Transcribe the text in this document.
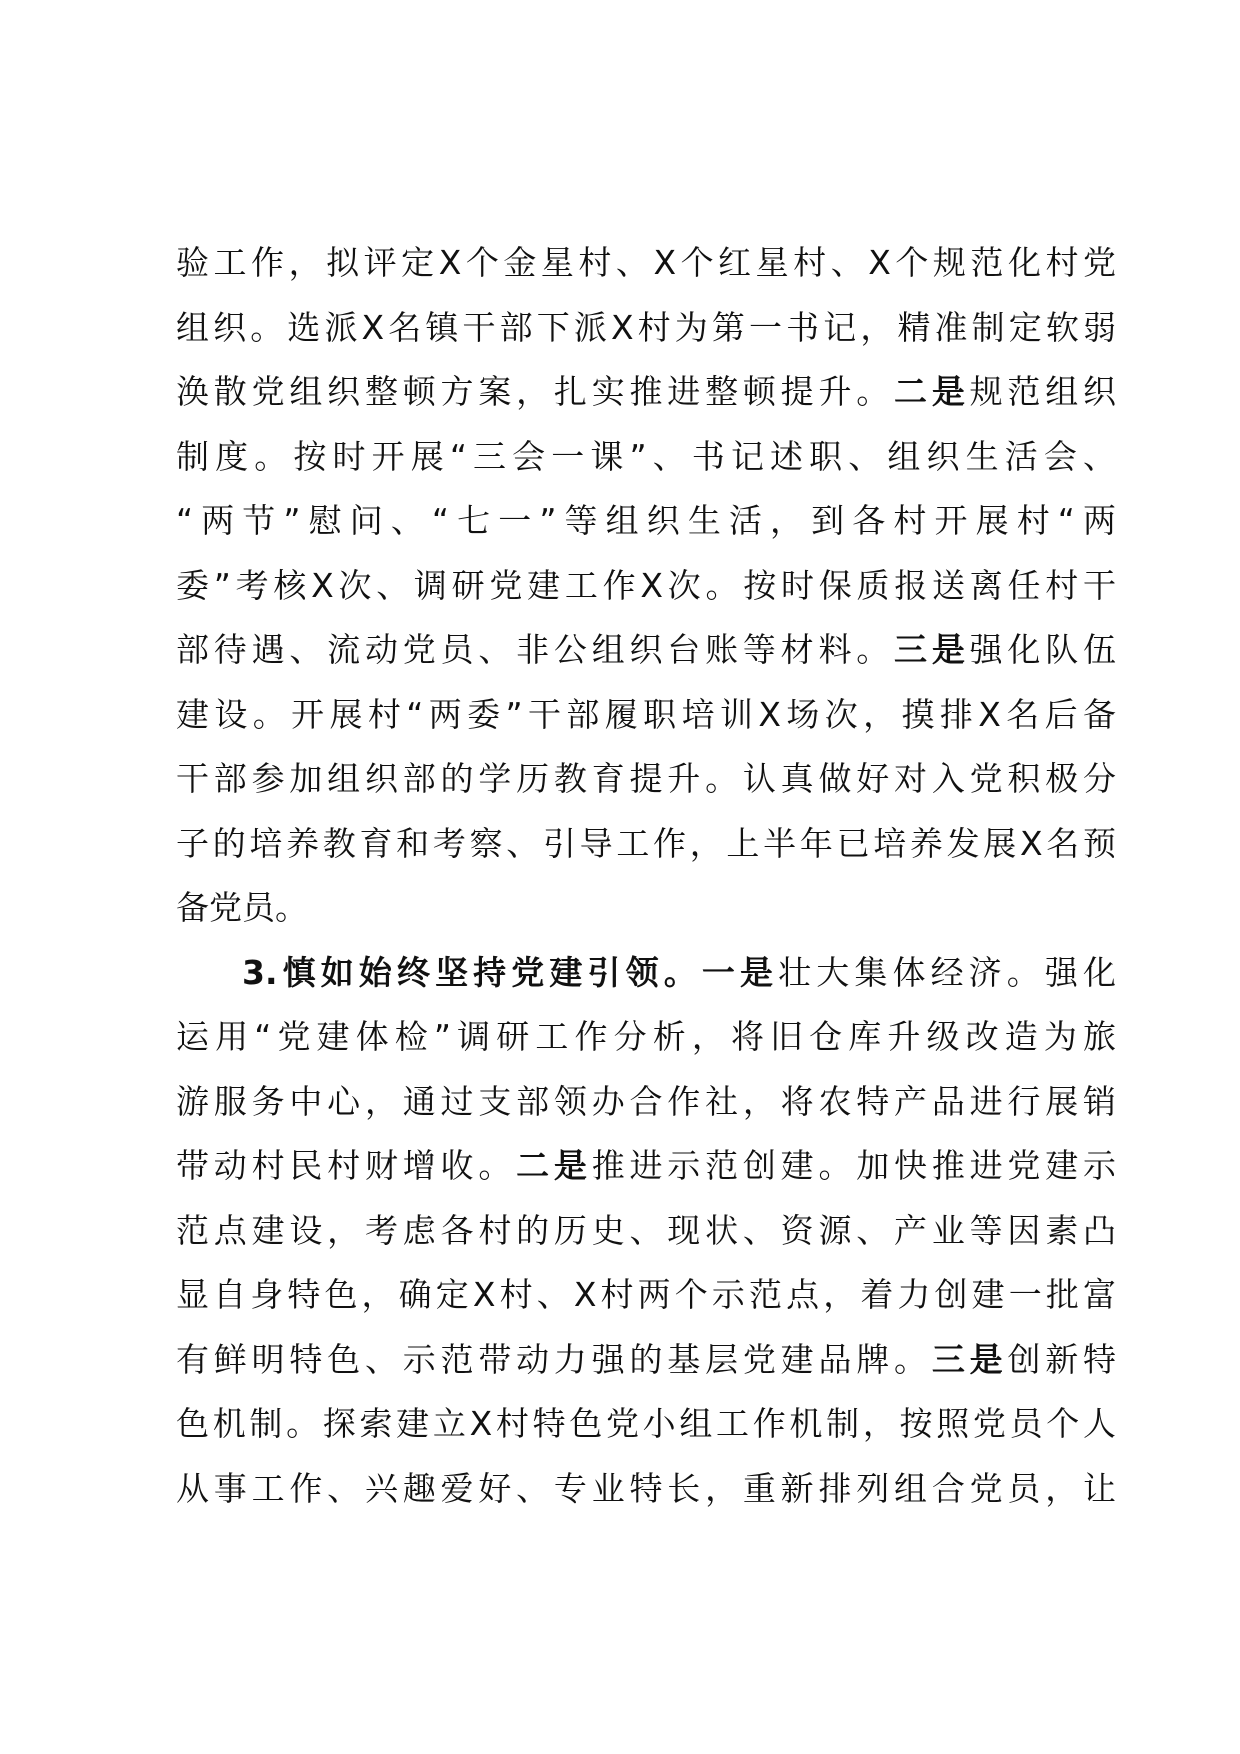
验工作，拟评定X个金星村、X个红星村、X个规范化村党
组织。选派X名镇干部下派X村为第一书记，精准制定软弱
涣散党组织整顿方案，扎实推进整顿提升。二是规范组织
制度。按时开展“三会一课”、书记述职、组织生活会、
“两节”慰问、“七一”等组织生活，到各村开展村“两
委”考核X次、调研党建工作X次。按时保质报送离任村干
部待遇、流动党员、非公组织台账等材料。三是强化队伍
建设。开展村“两委”干部履职培训X场次，摸排X名后备
干部参加组织部的学历教育提升。认真做好对入党积极分
子的培养教育和考察、引导工作，上半年已培养发展X名预
备党员。
3.慎如始终坚持党建引领。一是壮大集体经济。强化
运用“党建体检”调研工作分析，将旧仓库升级改造为旅
游服务中心，通过支部领办合作社，将农特产品进行展销
带动村民村财增收。二是推进示范创建。加快推进党建示
范点建设，考虑各村的历史、现状、资源、产业等因素凸
显自身特色，确定X村、X村两个示范点，着力创建一批富
有鲜明特色、示范带动力强的基层党建品牌。三是创新特
色机制。探索建立X村特色党小组工作机制，按照党员个人
从事工作、兴趣爱好、专业特长，重新排列组合党员，让
